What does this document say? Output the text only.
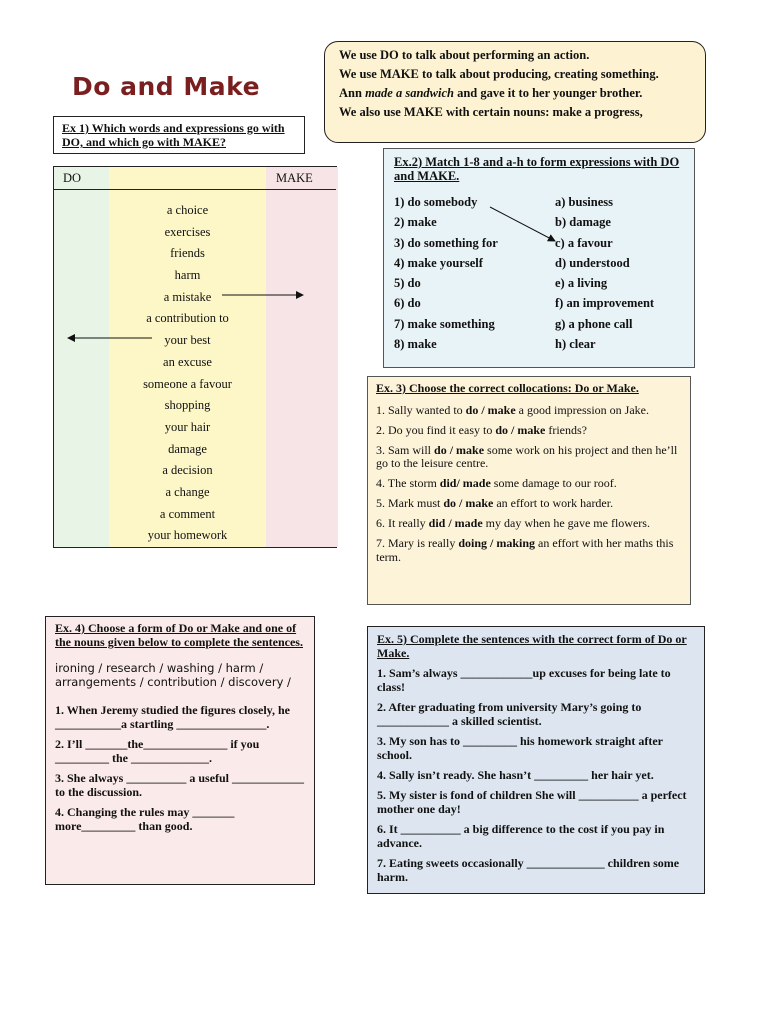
Do and Make

We use DO to talk about performing an action.

We use MAKE to talk about producing, creating something.

Ann made a sandwich and gave it to her younger brother.

We also use MAKE with certain nouns: make a progress,

Ex 1) Which words and expressions go with DO, and which go with MAKE?
DO	MAKE
a choice
exercises
friends
harm
a mistake
a contribution to
your best
an excuse
someone a favour
shopping
your hair
damage
a decision
a change
a comment
your homework
Ex.2) Match 1-8 and a-h to form expressions with DO and MAKE.
1) do somebody	a) business
2) make	b) damage
3) do something for	c) a favour
4) make yourself	d) understood
5) do	e) a living
6) do	f) an improvement
7) make something	g) a phone call
8) make	h) clear
Ex. 3) Choose the correct collocations: Do or Make.

1. Sally wanted to do / make a good impression on Jake.

2. Do you find it easy to do / make friends?

3. Sam will do / make some work on his project and then he’ll go to the leisure centre.

4. The storm did/ made some damage to our roof.

5. Mark must do / make an effort to work harder.

6. It really did / made my day when he gave me flowers.

7. Mary is really doing / making an effort with her maths this term.

Ex. 4) Choose a form of Do or Make and one of the nouns given below to complete the sentences.
ironing / research / washing / harm / arrangements / contribution / discovery /

1. When Jeremy studied the figures closely, he ___________a startling _______________.

2. I’ll _______the______________ if you _________ the _____________.

3. She always __________ a useful ____________ to the discussion.

4. Changing the rules may _______ more_________ than good.

Ex. 5) Complete the sentences with the correct form of Do or Make.

1. Sam’s always ____________up excuses for being late to class!

2. After graduating from university Mary’s going to ____________ a skilled scientist.

3. My son has to _________ his homework straight after school.

4. Sally isn’t ready. She hasn’t _________ her hair yet.

5. My sister is fond of children She will __________ a perfect mother one day!

6. It __________ a big difference to the cost if you pay in advance.

7. Eating sweets occasionally _____________ children some harm.
